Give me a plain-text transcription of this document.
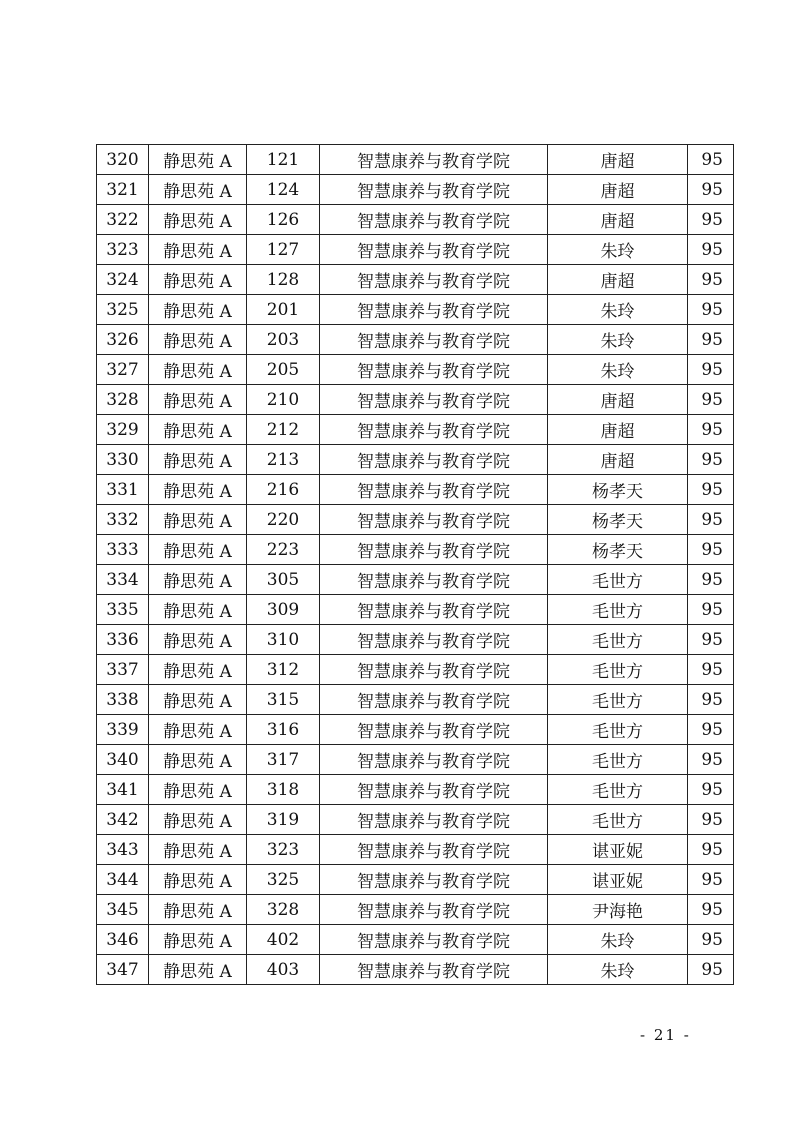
320	静思苑 A	121	智慧康养与教育学院	唐超	95
321	静思苑 A	124	智慧康养与教育学院	唐超	95
322	静思苑 A	126	智慧康养与教育学院	唐超	95
323	静思苑 A	127	智慧康养与教育学院	朱玲	95
324	静思苑 A	128	智慧康养与教育学院	唐超	95
325	静思苑 A	201	智慧康养与教育学院	朱玲	95
326	静思苑 A	203	智慧康养与教育学院	朱玲	95
327	静思苑 A	205	智慧康养与教育学院	朱玲	95
328	静思苑 A	210	智慧康养与教育学院	唐超	95
329	静思苑 A	212	智慧康养与教育学院	唐超	95
330	静思苑 A	213	智慧康养与教育学院	唐超	95
331	静思苑 A	216	智慧康养与教育学院	杨孝天	95
332	静思苑 A	220	智慧康养与教育学院	杨孝天	95
333	静思苑 A	223	智慧康养与教育学院	杨孝天	95
334	静思苑 A	305	智慧康养与教育学院	毛世方	95
335	静思苑 A	309	智慧康养与教育学院	毛世方	95
336	静思苑 A	310	智慧康养与教育学院	毛世方	95
337	静思苑 A	312	智慧康养与教育学院	毛世方	95
338	静思苑 A	315	智慧康养与教育学院	毛世方	95
339	静思苑 A	316	智慧康养与教育学院	毛世方	95
340	静思苑 A	317	智慧康养与教育学院	毛世方	95
341	静思苑 A	318	智慧康养与教育学院	毛世方	95
342	静思苑 A	319	智慧康养与教育学院	毛世方	95
343	静思苑 A	323	智慧康养与教育学院	谌亚妮	95
344	静思苑 A	325	智慧康养与教育学院	谌亚妮	95
345	静思苑 A	328	智慧康养与教育学院	尹海艳	95
346	静思苑 A	402	智慧康养与教育学院	朱玲	95
347	静思苑 A	403	智慧康养与教育学院	朱玲	95
- 21 -
